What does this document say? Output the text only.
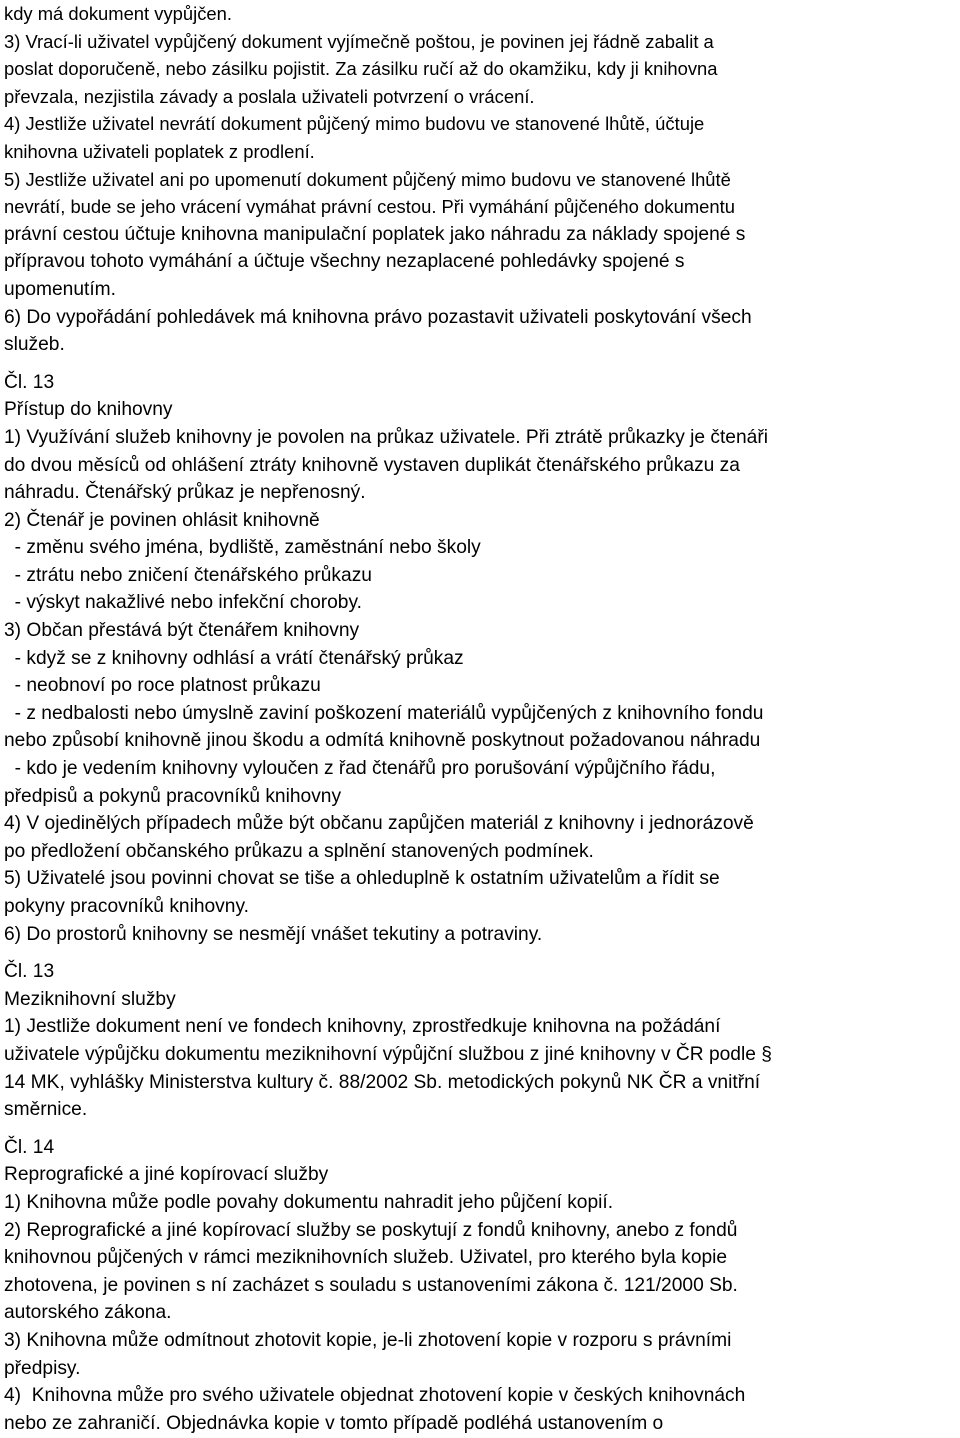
kdy má dokument vypůjčen.
3) Vrací-li uživatel vypůjčený dokument vyjímečně poštou, je povinen jej řádně zabalit a
poslat doporučeně, nebo zásilku pojistit. Za zásilku ručí až do okamžiku, kdy ji knihovna
převzala, nezjistila závady a poslala uživateli potvrzení o vrácení.
4) Jestliže uživatel nevrátí dokument půjčený mimo budovu ve stanovené lhůtě, účtuje
knihovna uživateli poplatek z prodlení.
5) Jestliže uživatel ani po upomenutí dokument půjčený mimo budovu ve stanovené lhůtě
nevrátí, bude se jeho vrácení vymáhat právní cestou. Při vymáhání půjčeného dokumentu
právní cestou účtuje knihovna manipulační poplatek jako náhradu za náklady spojené s
přípravou tohoto vymáhání a účtuje všechny nezaplacené pohledávky spojené s
upomenutím.
6) Do vypořádání pohledávek má knihovna právo pozastavit uživateli poskytování všech
služeb.
Čl. 13
Přístup do knihovny
1) Využívání služeb knihovny je povolen na průkaz uživatele. Při ztrátě průkazky je čtenáři
do dvou měsíců od ohlášení ztráty knihovně vystaven duplikát čtenářského průkazu za
náhradu. Čtenářský průkaz je nepřenosný.
2) Čtenář je povinen ohlásit knihovně
- změnu svého jména, bydliště, zaměstnání nebo školy
- ztrátu nebo zničení čtenářského průkazu
- výskyt nakažlivé nebo infekční choroby.
3) Občan přestává být čtenářem knihovny
- když se z knihovny odhlásí a vrátí čtenářský průkaz
- neobnoví po roce platnost průkazu
- z nedbalosti nebo úmyslně zaviní poškození materiálů vypůjčených z knihovního fondu
nebo způsobí knihovně jinou škodu a odmítá knihovně poskytnout požadovanou náhradu
- kdo je vedením knihovny vyloučen z řad čtenářů pro porušování výpůjčního řádu,
předpisů a pokynů pracovníků knihovny
4) V ojedinělých případech může být občanu zapůjčen materiál z knihovny i jednorázově
po předložení občanského průkazu a splnění stanovených podmínek.
5) Uživatelé jsou povinni chovat se tiše a ohleduplně k ostatním uživatelům a řídit se
pokyny pracovníků knihovny.
6) Do prostorů knihovny se nesmějí vnášet tekutiny a potraviny.
Čl. 13
Meziknihovní služby
1) Jestliže dokument není ve fondech knihovny, zprostředkuje knihovna na požádání
uživatele výpůjčku dokumentu meziknihovní výpůjční službou z jiné knihovny v ČR podle §
14 MK, vyhlášky Ministerstva kultury č. 88/2002 Sb. metodických pokynů NK ČR a vnitřní
směrnice.
Čl. 14
Reprografické a jiné kopírovací služby
1) Knihovna může podle povahy dokumentu nahradit jeho půjčení kopií.
2) Reprografické a jiné kopírovací služby se poskytují z fondů knihovny, anebo z fondů
knihovnou půjčených v rámci meziknihovních služeb. Uživatel, pro kterého byla kopie
zhotovena, je povinen s ní zacházet s souladu s ustanoveními zákona č. 121/2000 Sb.
autorského zákona.
3) Knihovna může odmítnout zhotovit kopie, je-li zhotovení kopie v rozporu s právními
předpisy.
4)  Knihovna může pro svého uživatele objednat zhotovení kopie v českých knihovnách
nebo ze zahraničí. Objednávka kopie v tomto případě podléhá ustanovením o
